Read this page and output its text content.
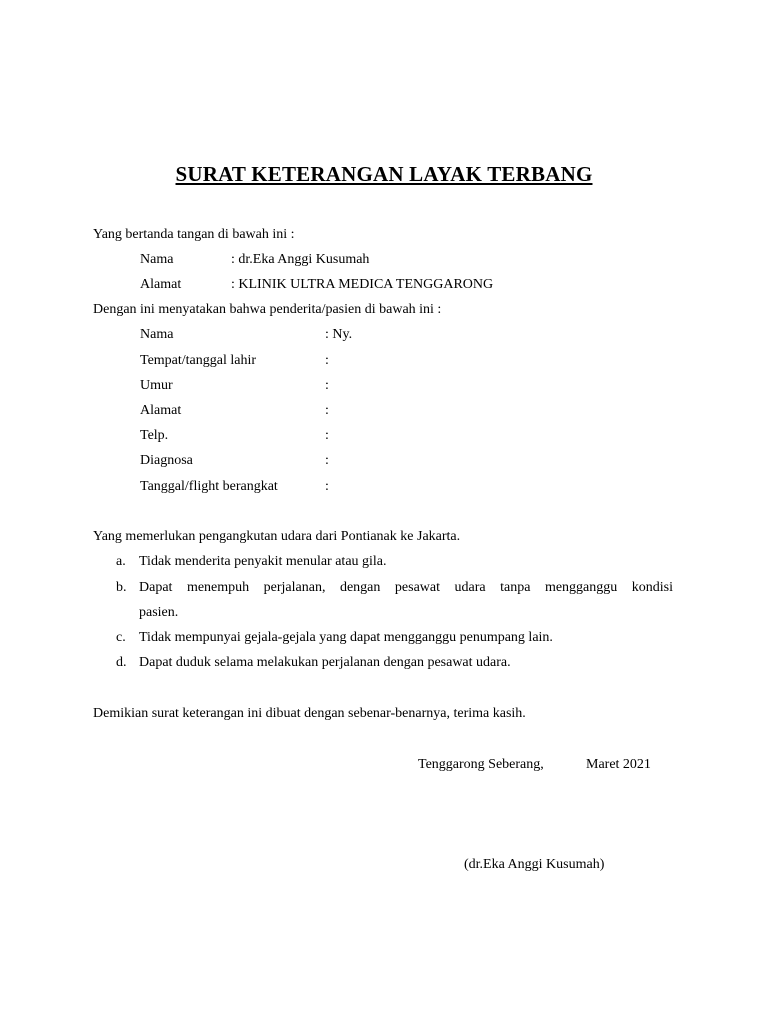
SURAT KETERANGAN LAYAK TERBANG
Yang bertanda tangan di bawah ini :
Nama	: dr.Eka Anggi Kusumah
Alamat	: KLINIK ULTRA MEDICA TENGGARONG
Dengan ini menyatakan bahwa penderita/pasien di bawah ini :
Nama	: Ny.
Tempat/tanggal lahir	:
Umur	:
Alamat	:
Telp.	:
Diagnosa	:
Tanggal/flight berangkat	:
Yang memerlukan pengangkutan udara dari Pontianak ke Jakarta.
a. Tidak menderita penyakit menular atau gila.
b. Dapat menempuh perjalanan, dengan pesawat udara tanpa mengganggu kondisi
pasien.
c. Tidak mempunyai gejala-gejala yang dapat mengganggu penumpang lain.
d. Dapat duduk selama melakukan perjalanan dengan pesawat udara.
Demikian surat keterangan ini dibuat dengan sebenar-benarnya, terima kasih.
Tenggarong Seberang,	Maret 2021
(dr.Eka Anggi Kusumah)
